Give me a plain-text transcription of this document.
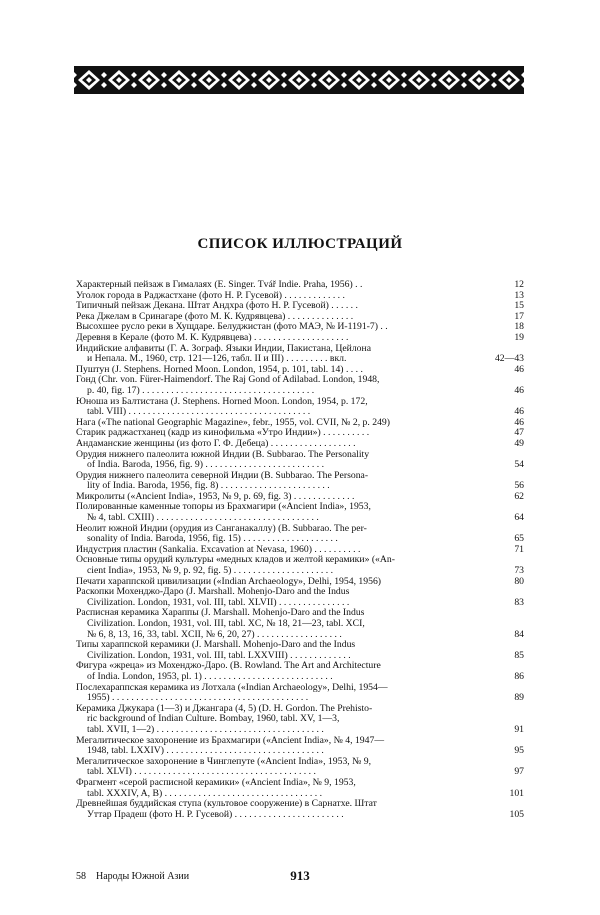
СПИСОК ИЛЛЮСТРАЦИЙ
Характерный пейзаж в Гималаях (E. Singer. Tvář Indie. Praha, 1956) . .	12
Уголок города в Раджастхане (фото Н. Р. Гусевой) . . . . . . . . . . . . .	13
Типичный пейзаж Декана. Штат Андхра (фото Н. Р. Гусевой) . . . . . .	15
Река Джелам в Сринагаре (фото М. К. Кудрявцева) . . . . . . . . . . . . . .	17
Высохшее русло реки в Хущдаре. Белуджистан (фото МАЭ, № И-1191-7) . .	18
Деревня в Керале (фото М. К. Кудрявцева) . . . . . . . . . . . . . . . . . . . .	19
Индийские алфавиты (Г. А. Зограф. Языки Индии, Пакистана, Цейлона
и Непала. М., 1960, стр. 121—126, табл. II и III) . . . . . . . . . вкл.	42—43
Пуштун (J. Stephens. Horned Moon. London, 1954, p. 101, tabl. 14) . . . .	46
Гонд (Chr. von. Fürer-Haimendorf. The Raj Gond of Adilabad. London, 1948,
p. 40, fig. 17) . . . . . . . . . . . . . . . . . . . . . . . . . . . . . . . . . . . .	46
Юноша из Балтистана (J. Stephens. Horned Moon. London, 1954, p. 172,
tabl. VIII) . . . . . . . . . . . . . . . . . . . . . . . . . . . . . . . . . . . . . .	46
Нага («The national Geographic Magazine», febr., 1955, vol. CVII, № 2, p. 249)	46
Старик раджастханец (кадр из кинофильма «Утро Индии») . . . . . . . . . .	47
Андаманские женщины (из фото Г. Ф. Дебеца) . . . . . . . . . . . . . . . . . .	49
Орудия нижнего палеолита южной Индии (B. Subbarao. The Personality
of India. Baroda, 1956, fig. 9) . . . . . . . . . . . . . . . . . . . . . . . . .	54
Орудия нижнего палеолита северной Индии (B. Subbarao. The Persona-
lity of India. Baroda, 1956, fig. 8) . . . . . . . . . . . . . . . . . . . . . . .	56
Микролиты («Ancient India», 1953, № 9, p. 69, fig. 3) . . . . . . . . . . . . .	62
Полированные каменные топоры из Брахмагири («Ancient India», 1953,
№ 4, tabl. CXIII) . . . . . . . . . . . . . . . . . . . . . . . . . . . . . . . . . .	64
Неолит южной Индии (орудия из Санганакаллу) (B. Subbarao. The per-
sonality of India. Baroda, 1956, fig. 15) . . . . . . . . . . . . . . . . . . . .	65
Индустрия пластин (Sankalia. Excavation at Nevasa, 1960) . . . . . . . . . .	71
Основные типы орудий культуры «медных кладов и желтой керамики» («An-
cient India», 1953, № 9, p. 92, fig. 5) . . . . . . . . . . . . . . . . . . . . .	73
Печати хараппской цивилизации («Indian Archaeology», Delhi, 1954, 1956)	80
Раскопки Мохенджо-Даро (J. Marshall. Mohenjo-Daro and the Indus
Civilization. London, 1931, vol. III, tabl. XLVII) . . . . . . . . . . . . . . .	83
Расписная керамика Хараппы (J. Marshall. Mohenjo-Daro and the Indus
Civilization. London, 1931, vol. III, tabl. XC, № 18, 21—23, tabl. XCI,
№ 6, 8, 13, 16, 33, tabl. XCII, № 6, 20, 27) . . . . . . . . . . . . . . . . . .	84
Типы хараппской керамики (J. Marshall. Mohenjo-Daro and the Indus
Civilization. London, 1931, vol. III, tabl. LXXVIII) . . . . . . . . . . . . .	85
Фигура «жреца» из Мохенджо-Даро. (B. Rowland. The Art and Architecture
of India. London, 1953, pl. 1) . . . . . . . . . . . . . . . . . . . . . . . . . . .	86
Послехараппская керамика из Лотхала («Indian Archaeology», Delhi, 1954—
1955) . . . . . . . . . . . . . . . . . . . . . . . . . . . . . . . . . . . . . . . . .	89
Керамика Джукара (1—3) и Джангара (4, 5) (D. H. Gordon. The Prehisto-
ric background of Indian Culture. Bombay, 1960, tabl. XV, 1—3,
tabl. XVII, 1—2) . . . . . . . . . . . . . . . . . . . . . . . . . . . . . . . . . . .	91
Мегалитическое захоронение из Брахмагири («Ancient India», № 4, 1947—
1948, tabl. LXXIV) . . . . . . . . . . . . . . . . . . . . . . . . . . . . . . . . .	95
Мегалитическое захоронение в Чинглепуте («Ancient India», 1953, № 9,
tabl. XLVI) . . . . . . . . . . . . . . . . . . . . . . . . . . . . . . . . . . . . . .	97
Фрагмент «серой расписной керамики» («Ancient India», № 9, 1953,
tabl. XXXIV, A, B) . . . . . . . . . . . . . . . . . . . . . . . . . . . . . . . . .	101
Древнейшая буддийская ступа (культовое сооружение) в Сарнатхе. Штат
Уттар Прадеш (фото Н. Р. Гусевой) . . . . . . . . . . . . . . . . . . . . . . .	105
58 Народы Южной Азии	913
